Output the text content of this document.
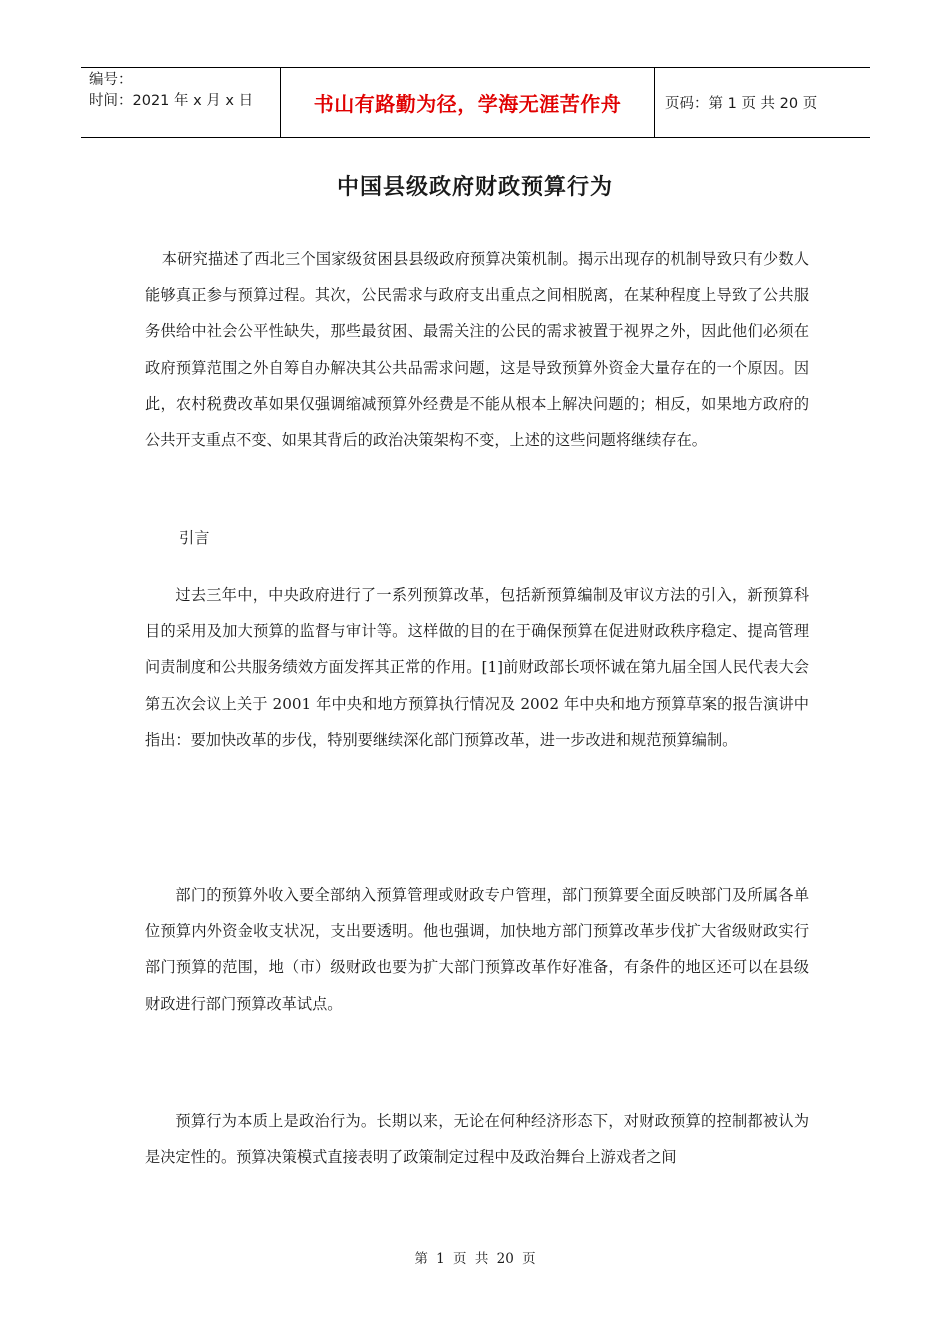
编号：
时间：2021 年 x 月 x 日	书山有路勤为径，学海无涯苦作舟	页码：第 1 页 共 20 页
中国县级政府财政预算行为

本研究描述了西北三个国家级贫困县县级政府预算决策机制。揭示出现存的机制导致只有少数人能够真正参与预算过程。其次，公民需求与政府支出重点之间相脱离，在某种程度上导致了公共服务供给中社会公平性缺失，那些最贫困、最需关注的公民的需求被置于视界之外，因此他们必须在政府预算范围之外自筹自办解决其公共品需求问题，这是导致预算外资金大量存在的一个原因。因此，农村税费改革如果仅强调缩减预算外经费是不能从根本上解决问题的；相反，如果地方政府的公共开支重点不变、如果其背后的政治决策架构不变，上述的这些问题将继续存在。

引言

过去三年中，中央政府进行了一系列预算改革，包括新预算编制及审议方法的引入，新预算科目的采用及加大预算的监督与审计等。这样做的目的在于确保预算在促进财政秩序稳定、提高管理问责制度和公共服务绩效方面发挥其正常的作用。[1]前财政部长项怀诚在第九届全国人民代表大会第五次会议上关于 2001 年中央和地方预算执行情况及 2002 年中央和地方预算草案的报告演讲中指出：要加快改革的步伐，特别要继续深化部门预算改革，进一步改进和规范预算编制。

部门的预算外收入要全部纳入预算管理或财政专户管理，部门预算要全面反映部门及所属各单位预算内外资金收支状况，支出要透明。他也强调，加快地方部门预算改革步伐扩大省级财政实行部门预算的范围，地（市）级财政也要为扩大部门预算改革作好准备，有条件的地区还可以在县级财政进行部门预算改革试点。

预算行为本质上是政治行为。长期以来，无论在何种经济形态下，对财政预算的控制都被认为是决定性的。预算决策模式直接表明了政策制定过程中及政治舞台上游戏者之间

第 1 页 共 20 页
